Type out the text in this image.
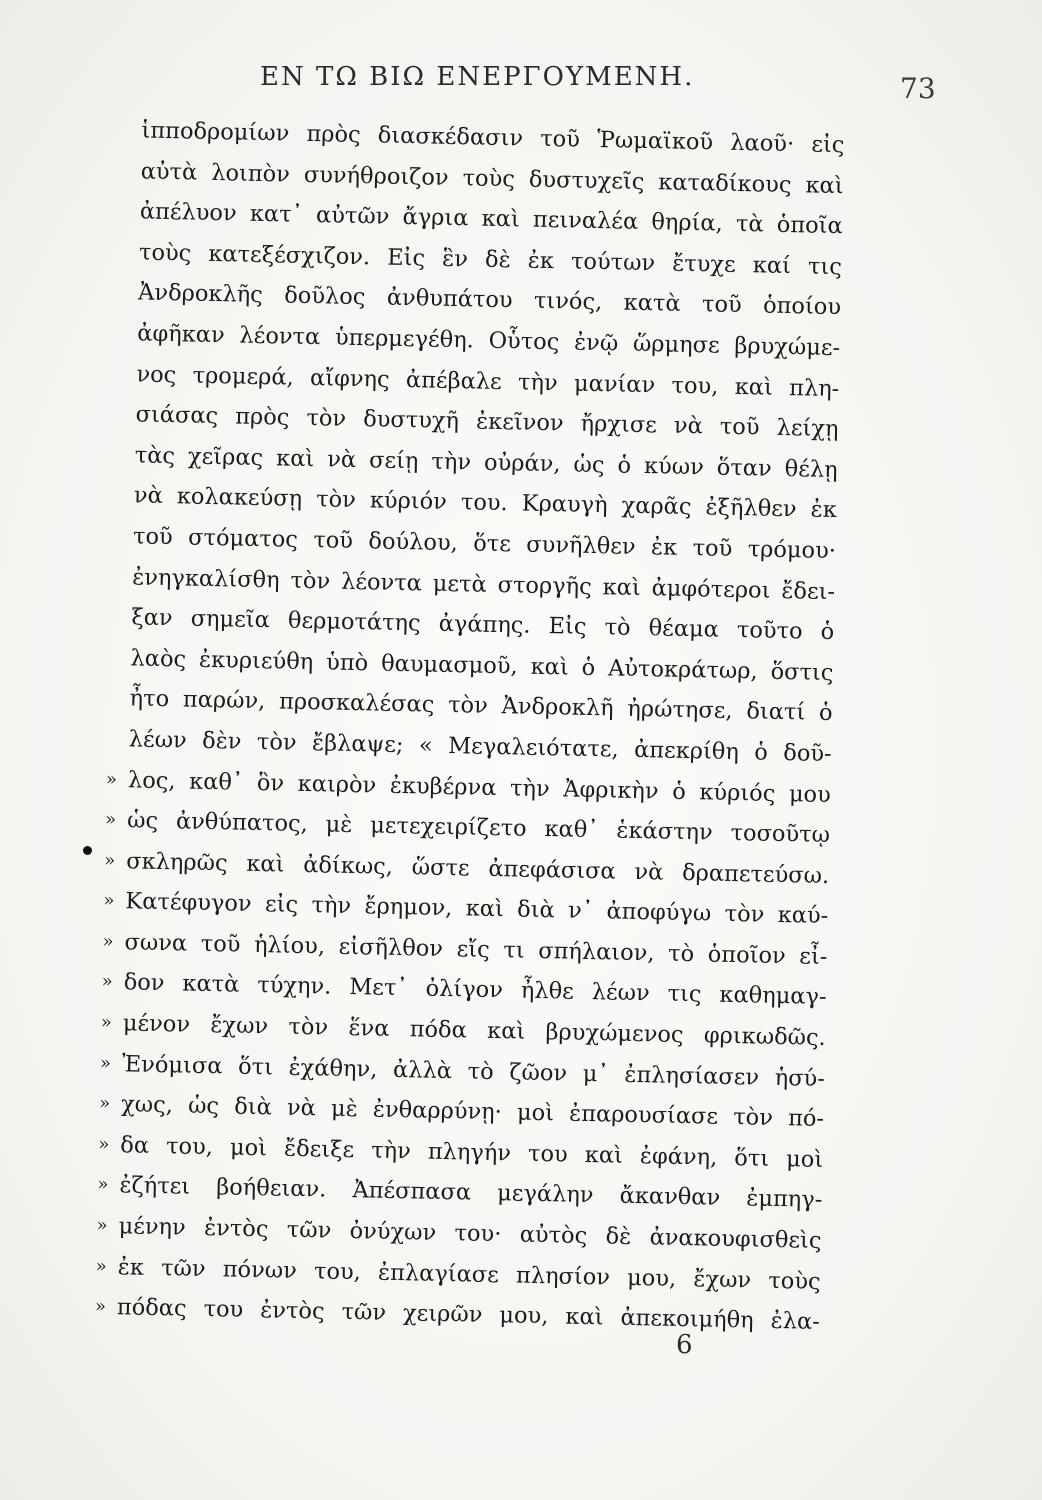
ΕΝ ΤΩ ΒΙΩ ΕΝΕΡΓΟΥΜΕΝΗ.	73
ἱπποδρομίων πρὸς διασκέδασιν τοῦ Ῥωμαϊκοῦ λαοῦ· εἰς
αὐτὰ λοιπὸν συνήθροιζον τοὺς δυστυχεῖς καταδίκους καὶ
ἀπέλυον κατ᾽ αὐτῶν ἄγρια καὶ πειναλέα θηρία, τὰ ὁποῖα
τοὺς κατεξέσχιζον. Εἰς ἓν δὲ ἐκ τούτων ἔτυχε καί τις
Ἀνδροκλῆς δοῦλος ἀνθυπάτου τινός, κατὰ τοῦ ὁποίου
ἀφῆκαν λέοντα ὑπερμεγέθη. Οὗτος ἐνῷ ὥρμησε βρυχώμε-
νος τρομερά, αἴφνης ἀπέβαλε τὴν μανίαν του, καὶ πλη-
σιάσας πρὸς τὸν δυστυχῆ ἐκεῖνον ἤρχισε νὰ τοῦ λείχῃ
τὰς χεῖρας καὶ νὰ σείῃ τὴν οὐράν, ὡς ὁ κύων ὅταν θέλῃ
νὰ κολακεύσῃ τὸν κύριόν του. Κραυγὴ χαρᾶς ἐξῆλθεν ἐκ
τοῦ στόματος τοῦ δούλου, ὅτε συνῆλθεν ἐκ τοῦ τρόμου·
ἐνηγκαλίσθη τὸν λέοντα μετὰ στοργῆς καὶ ἀμφότεροι ἔδει-
ξαν σημεῖα θερμοτάτης ἀγάπης. Εἰς τὸ θέαμα τοῦτο ὁ
λαὸς ἐκυριεύθη ὑπὸ θαυμασμοῦ, καὶ ὁ Αὐτοκράτωρ, ὅστις
ἦτο παρών, προσκαλέσας τὸν Ἀνδροκλῆ ἠρώτησε, διατί ὁ
λέων δὲν τὸν ἔβλαψε; « Μεγαλειότατε, ἀπεκρίθη ὁ δοῦ-
» λος, καθ᾽ ὃν καιρὸν ἐκυβέρνα τὴν Ἀφρικὴν ὁ κύριός μου
» ὡς ἀνθύπατος, μὲ μετεχειρίζετο καθ᾽ ἑκάστην τοσοῦτῳ
» σκληρῶς καὶ ἀδίκως, ὥστε ἀπεφάσισα νὰ δραπετεύσω.
» Κατέφυγον εἰς τὴν ἔρημον, καὶ διὰ ν᾽ ἀποφύγω τὸν καύ-
» σωνα τοῦ ἡλίου, εἰσῆλθον εἴς τι σπήλαιον, τὸ ὁποῖον εἶ-
» δον κατὰ τύχην. Μετ᾽ ὀλίγον ἦλθε λέων τις καθημαγ-
» μένον ἔχων τὸν ἕνα πόδα καὶ βρυχώμενος φρικωδῶς.
» Ἐνόμισα ὅτι ἐχάθην, ἀλλὰ τὸ ζῶον μ᾽ ἐπλησίασεν ἡσύ-
» χως, ὡς διὰ νὰ μὲ ἐνθαρρύνῃ· μοὶ ἐπαρουσίασε τὸν πό-
» δα του, μοὶ ἔδειξε τὴν πληγήν του καὶ ἐφάνη, ὅτι μοὶ
» ἐζήτει βοήθειαν. Ἀπέσπασα μεγάλην ἄκανθαν ἐμπηγ-
» μένην ἐντὸς τῶν ὀνύχων του· αὐτὸς δὲ ἀνακουφισθεὶς
» ἐκ τῶν πόνων του, ἐπλαγίασε πλησίον μου, ἔχων τοὺς
» πόδας του ἐντὸς τῶν χειρῶν μου, καὶ ἀπεκοιμήθη ἐλα-
6
